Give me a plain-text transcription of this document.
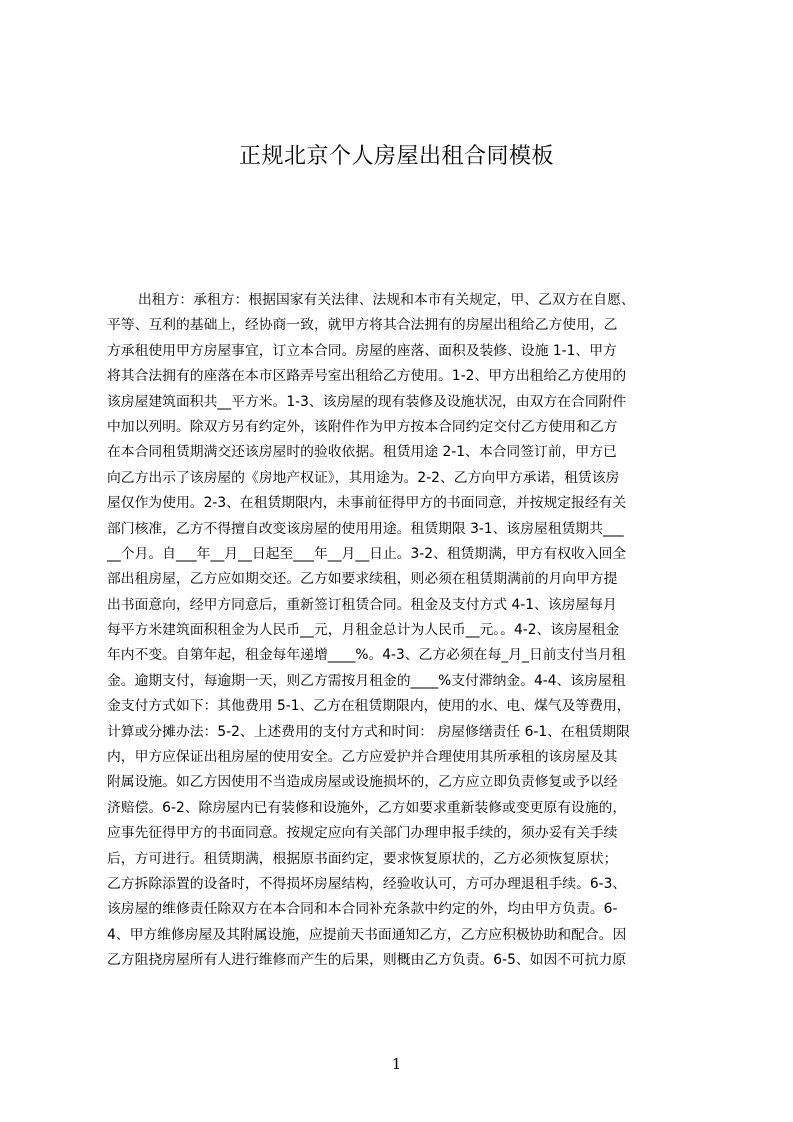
正规北京个人房屋出租合同模板
出租方：承租方：根据国家有关法律、法规和本市有关规定，甲、乙双方在自愿、
平等、互利的基础上，经协商一致，就甲方将其合法拥有的房屋出租给乙方使用，乙
方承租使用甲方房屋事宜，订立本合同。房屋的座落、面积及装修、设施 1-1、甲方
将其合法拥有的座落在本市区路弄号室出租给乙方使用。1-2、甲方出租给乙方使用的
该房屋建筑面积共__平方米。1-3、该房屋的现有装修及设施状况，由双方在合同附件
中加以列明。除双方另有约定外，该附件作为甲方按本合同约定交付乙方使用和乙方
在本合同租赁期满交还该房屋时的验收依据。租赁用途 2-1、本合同签订前，甲方已
向乙方出示了该房屋的《房地产权证》，其用途为。2-2、乙方向甲方承诺，租赁该房
屋仅作为使用。2-3、在租赁期限内，未事前征得甲方的书面同意，并按规定报经有关
部门核准，乙方不得擅自改变该房屋的使用用途。租赁期限 3-1、该房屋租赁期共___
__个月。自___年__月__日起至___年__月__日止。3-2、租赁期满，甲方有权收入回全
部出租房屋，乙方应如期交还。乙方如要求续租，则必须在租赁期满前的月向甲方提
出书面意向，经甲方同意后，重新签订租赁合同。租金及支付方式 4-1、该房屋每月
每平方米建筑面积租金为人民币__元，月租金总计为人民币__元。。4-2、该房屋租金
年内不变。自第年起，租金每年递增____%。4-3、乙方必须在每_月_日前支付当月租
金。逾期支付，每逾期一天，则乙方需按月租金的____%支付滞纳金。4-4、该房屋租
金支付方式如下：其他费用 5-1、乙方在租赁期限内，使用的水、电、煤气及等费用，
计算或分摊办法：5-2、上述费用的支付方式和时间： 房屋修缮责任 6-1、在租赁期限
内，甲方应保证出租房屋的使用安全。乙方应爱护并合理使用其所承租的该房屋及其
附属设施。如乙方因使用不当造成房屋或设施损坏的，乙方应立即负责修复或予以经
济赔偿。6-2、除房屋内已有装修和设施外，乙方如要求重新装修或变更原有设施的，
应事先征得甲方的书面同意。按规定应向有关部门办理申报手续的，须办妥有关手续
后，方可进行。租赁期满，根据原书面约定，要求恢复原状的，乙方必须恢复原状；
乙方拆除添置的设备时，不得损坏房屋结构，经验收认可，方可办理退租手续。6-3、
该房屋的维修责任除双方在本合同和本合同补充条款中约定的外，均由甲方负责。6-
4、甲方维修房屋及其附属设施，应提前天书面通知乙方，乙方应积极协助和配合。因
乙方阻挠房屋所有人进行维修而产生的后果，则概由乙方负责。6-5、如因不可抗力原
1
